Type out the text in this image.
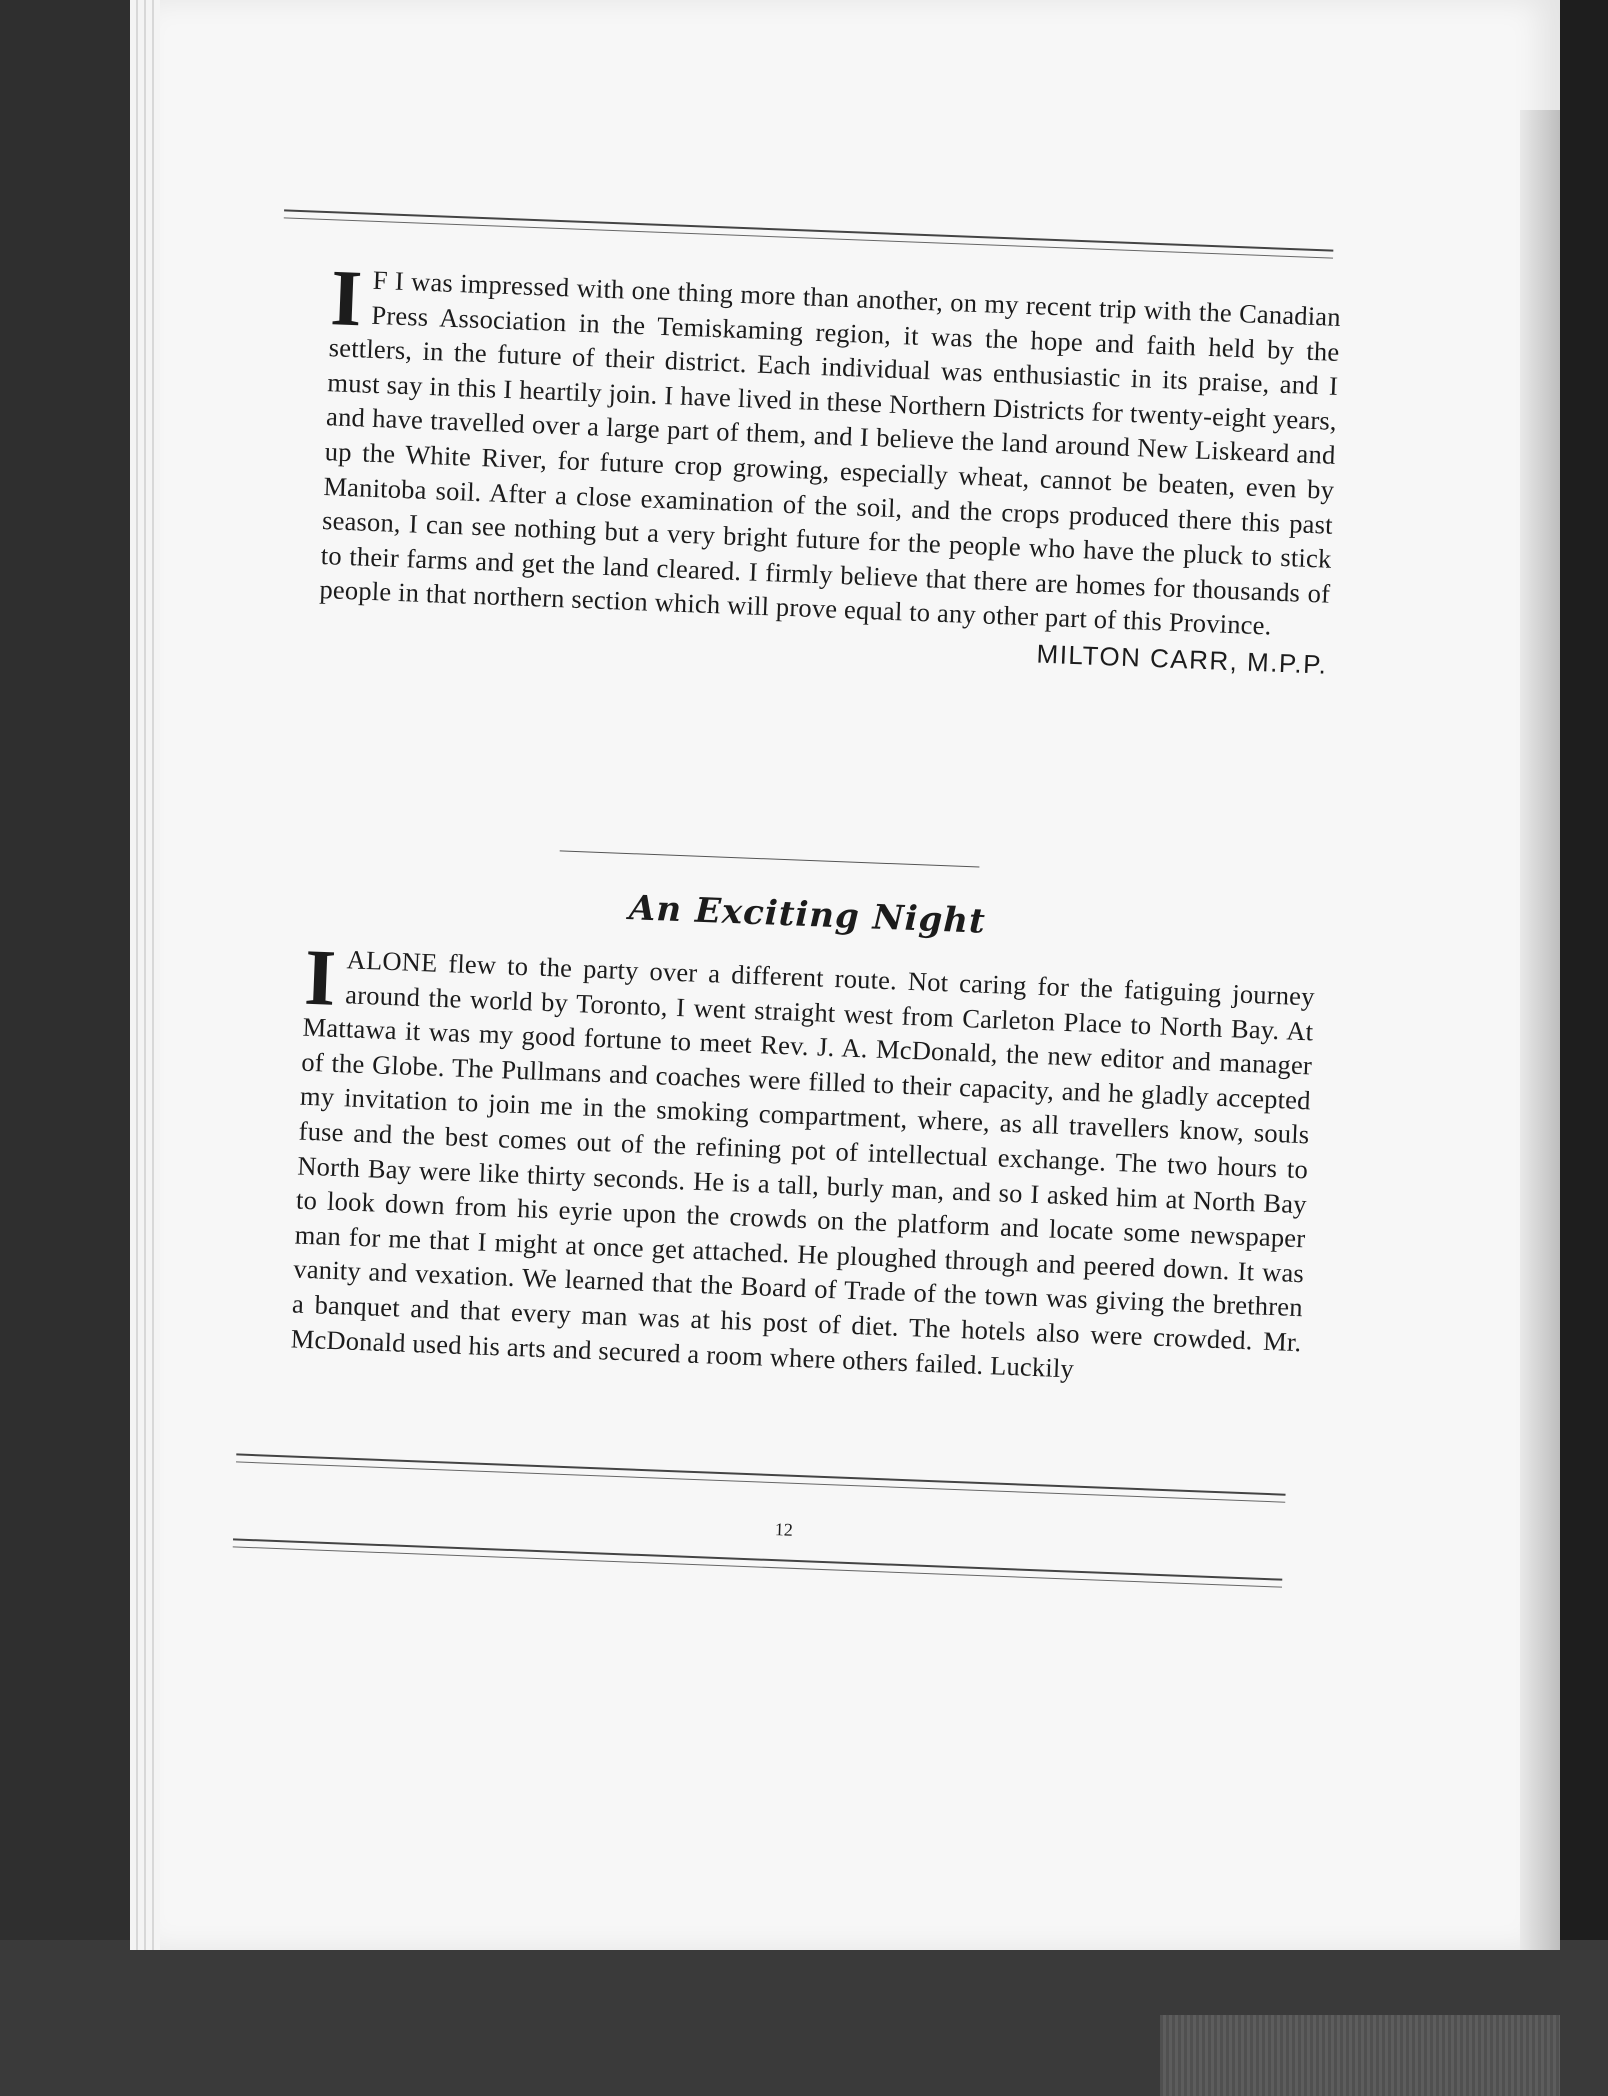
I F I was impressed with one thing more than another, on my recent trip with the Canadian Press Association in the Temiskaming region, it was the hope and faith held by the settlers, in the future of their district. Each individual was enthusiastic in its praise, and I must say in this I heartily join. I have lived in these Northern Districts for twenty-eight years, and have travelled over a large part of them, and I believe the land around New Liskeard and up the White River, for future crop growing, especially wheat, cannot be beaten, even by Manitoba soil. After a close examination of the soil, and the crops produced there this past season, I can see nothing but a very bright future for the people who have the pluck to stick to their farms and get the land cleared. I firmly believe that there are homes for thousands of people in that northern section which will prove equal to any other part of this Province.

MILTON CARR, M.P.P.
An Exciting Night

IALONE flew to the party over a different route. Not caring for the fatiguing journey around the world by Toronto, I went straight west from Carleton Place to North Bay. At Mattawa it was my good fortune to meet Rev. J. A. McDonald, the new editor and manager of the Globe. The Pullmans and coaches were filled to their capacity, and he gladly accepted my invitation to join me in the smoking compartment, where, as all travellers know, souls fuse and the best comes out of the refining pot of intellectual exchange. The two hours to North Bay were like thirty seconds. He is a tall, burly man, and so I asked him at North Bay to look down from his eyrie upon the crowds on the platform and locate some newspaper man for me that I might at once get attached. He ploughed through and peered down. It was vanity and vexation. We learned that the Board of Trade of the town was giving the brethren a banquet and that every man was at his post of diet. The hotels also were crowded. Mr. McDonald used his arts and secured a room where others failed. Luckily

12
